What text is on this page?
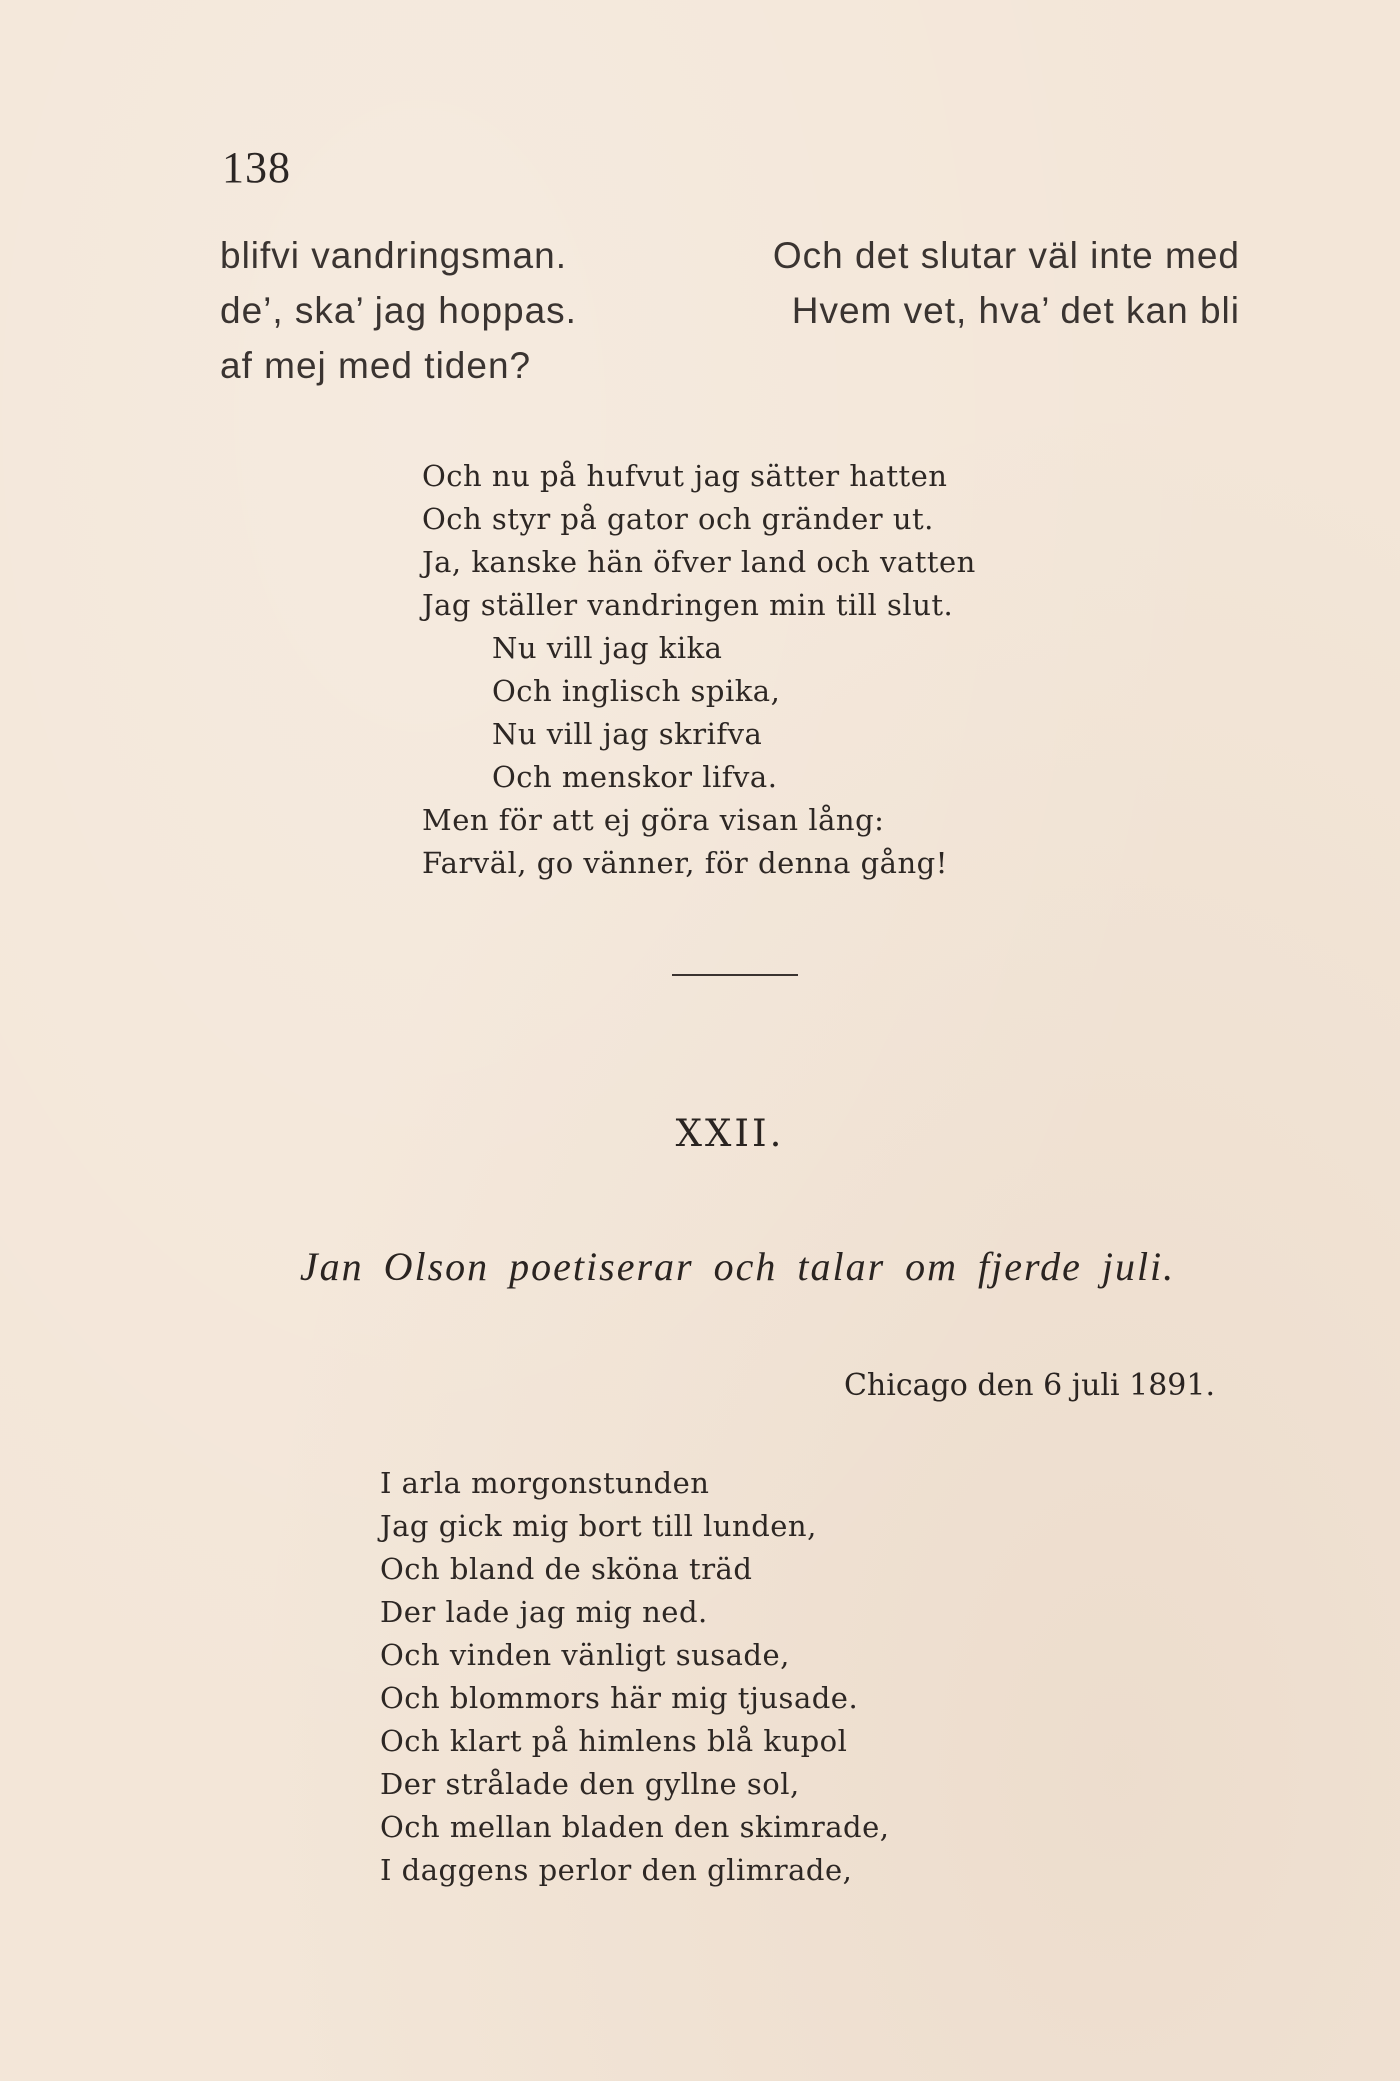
138
blifvi vandringsman.	Och det slutar väl inte med
de’, ska’ jag hoppas.	Hvem vet, hva’ det kan bli
af mej med tiden?
Och nu på hufvut jag sätter hatten
Och styr på gator och gränder ut.
Ja, kanske hän öfver land och vatten
Jag ställer vandringen min till slut.
Nu vill jag kika
Och inglisch spika,
Nu vill jag skrifva
Och menskor lifva.
Men för att ej göra visan lång:
Farväl, go vänner, för denna gång!
XXII.
Jan Olson poetiserar och talar om fjerde juli.
Chicago den 6 juli 1891.
I arla morgonstunden
Jag gick mig bort till lunden,
Och bland de sköna träd
Der lade jag mig ned.
Och vinden vänligt susade,
Och blommors här mig tjusade.
Och klart på himlens blå kupol
Der strålade den gyllne sol,
Och mellan bladen den skimrade,
I daggens perlor den glimrade,
